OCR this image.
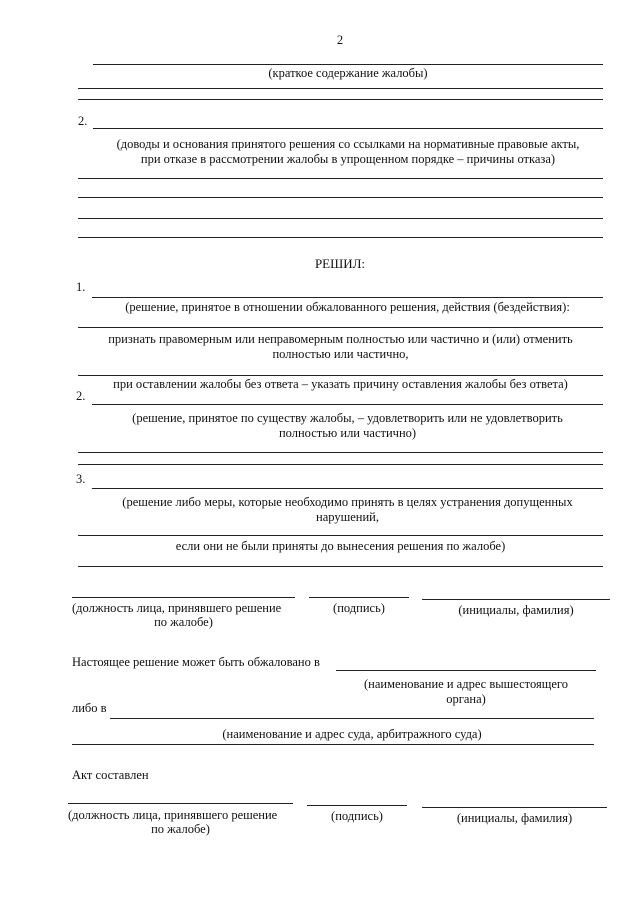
2
(краткое содержание жалобы)
2.
(доводы и основания принятого решения со ссылками на нормативные правовые акты,
при отказе в рассмотрении жалобы в упрощенном порядке – причины отказа)
РЕШИЛ:
1.
(решение, принятое в отношении обжалованного решения, действия (бездействия):
признать правомерным или неправомерным полностью или частично и (или) отменить
полностью или частично,
при оставлении жалобы без ответа – указать причину оставления жалобы без ответа)
2.
(решение, принятое по существу жалобы, – удовлетворить или не удовлетворить
полностью или частично)
3.
(решение либо меры, которые необходимо принять в целях устранения допущенных
нарушений,
если они не были приняты до вынесения решения по жалобе)
(должность лица, принявшего решение
по жалобе)
(подпись)	(инициалы, фамилия)
Настоящее решение может быть обжаловано в
(наименование и адрес вышестоящего
органа)
либо в
(наименование и адрес суда, арбитражного суда)
Акт составлен
(должность лица, принявшего решение
по жалобе)
(подпись)	(инициалы, фамилия)
